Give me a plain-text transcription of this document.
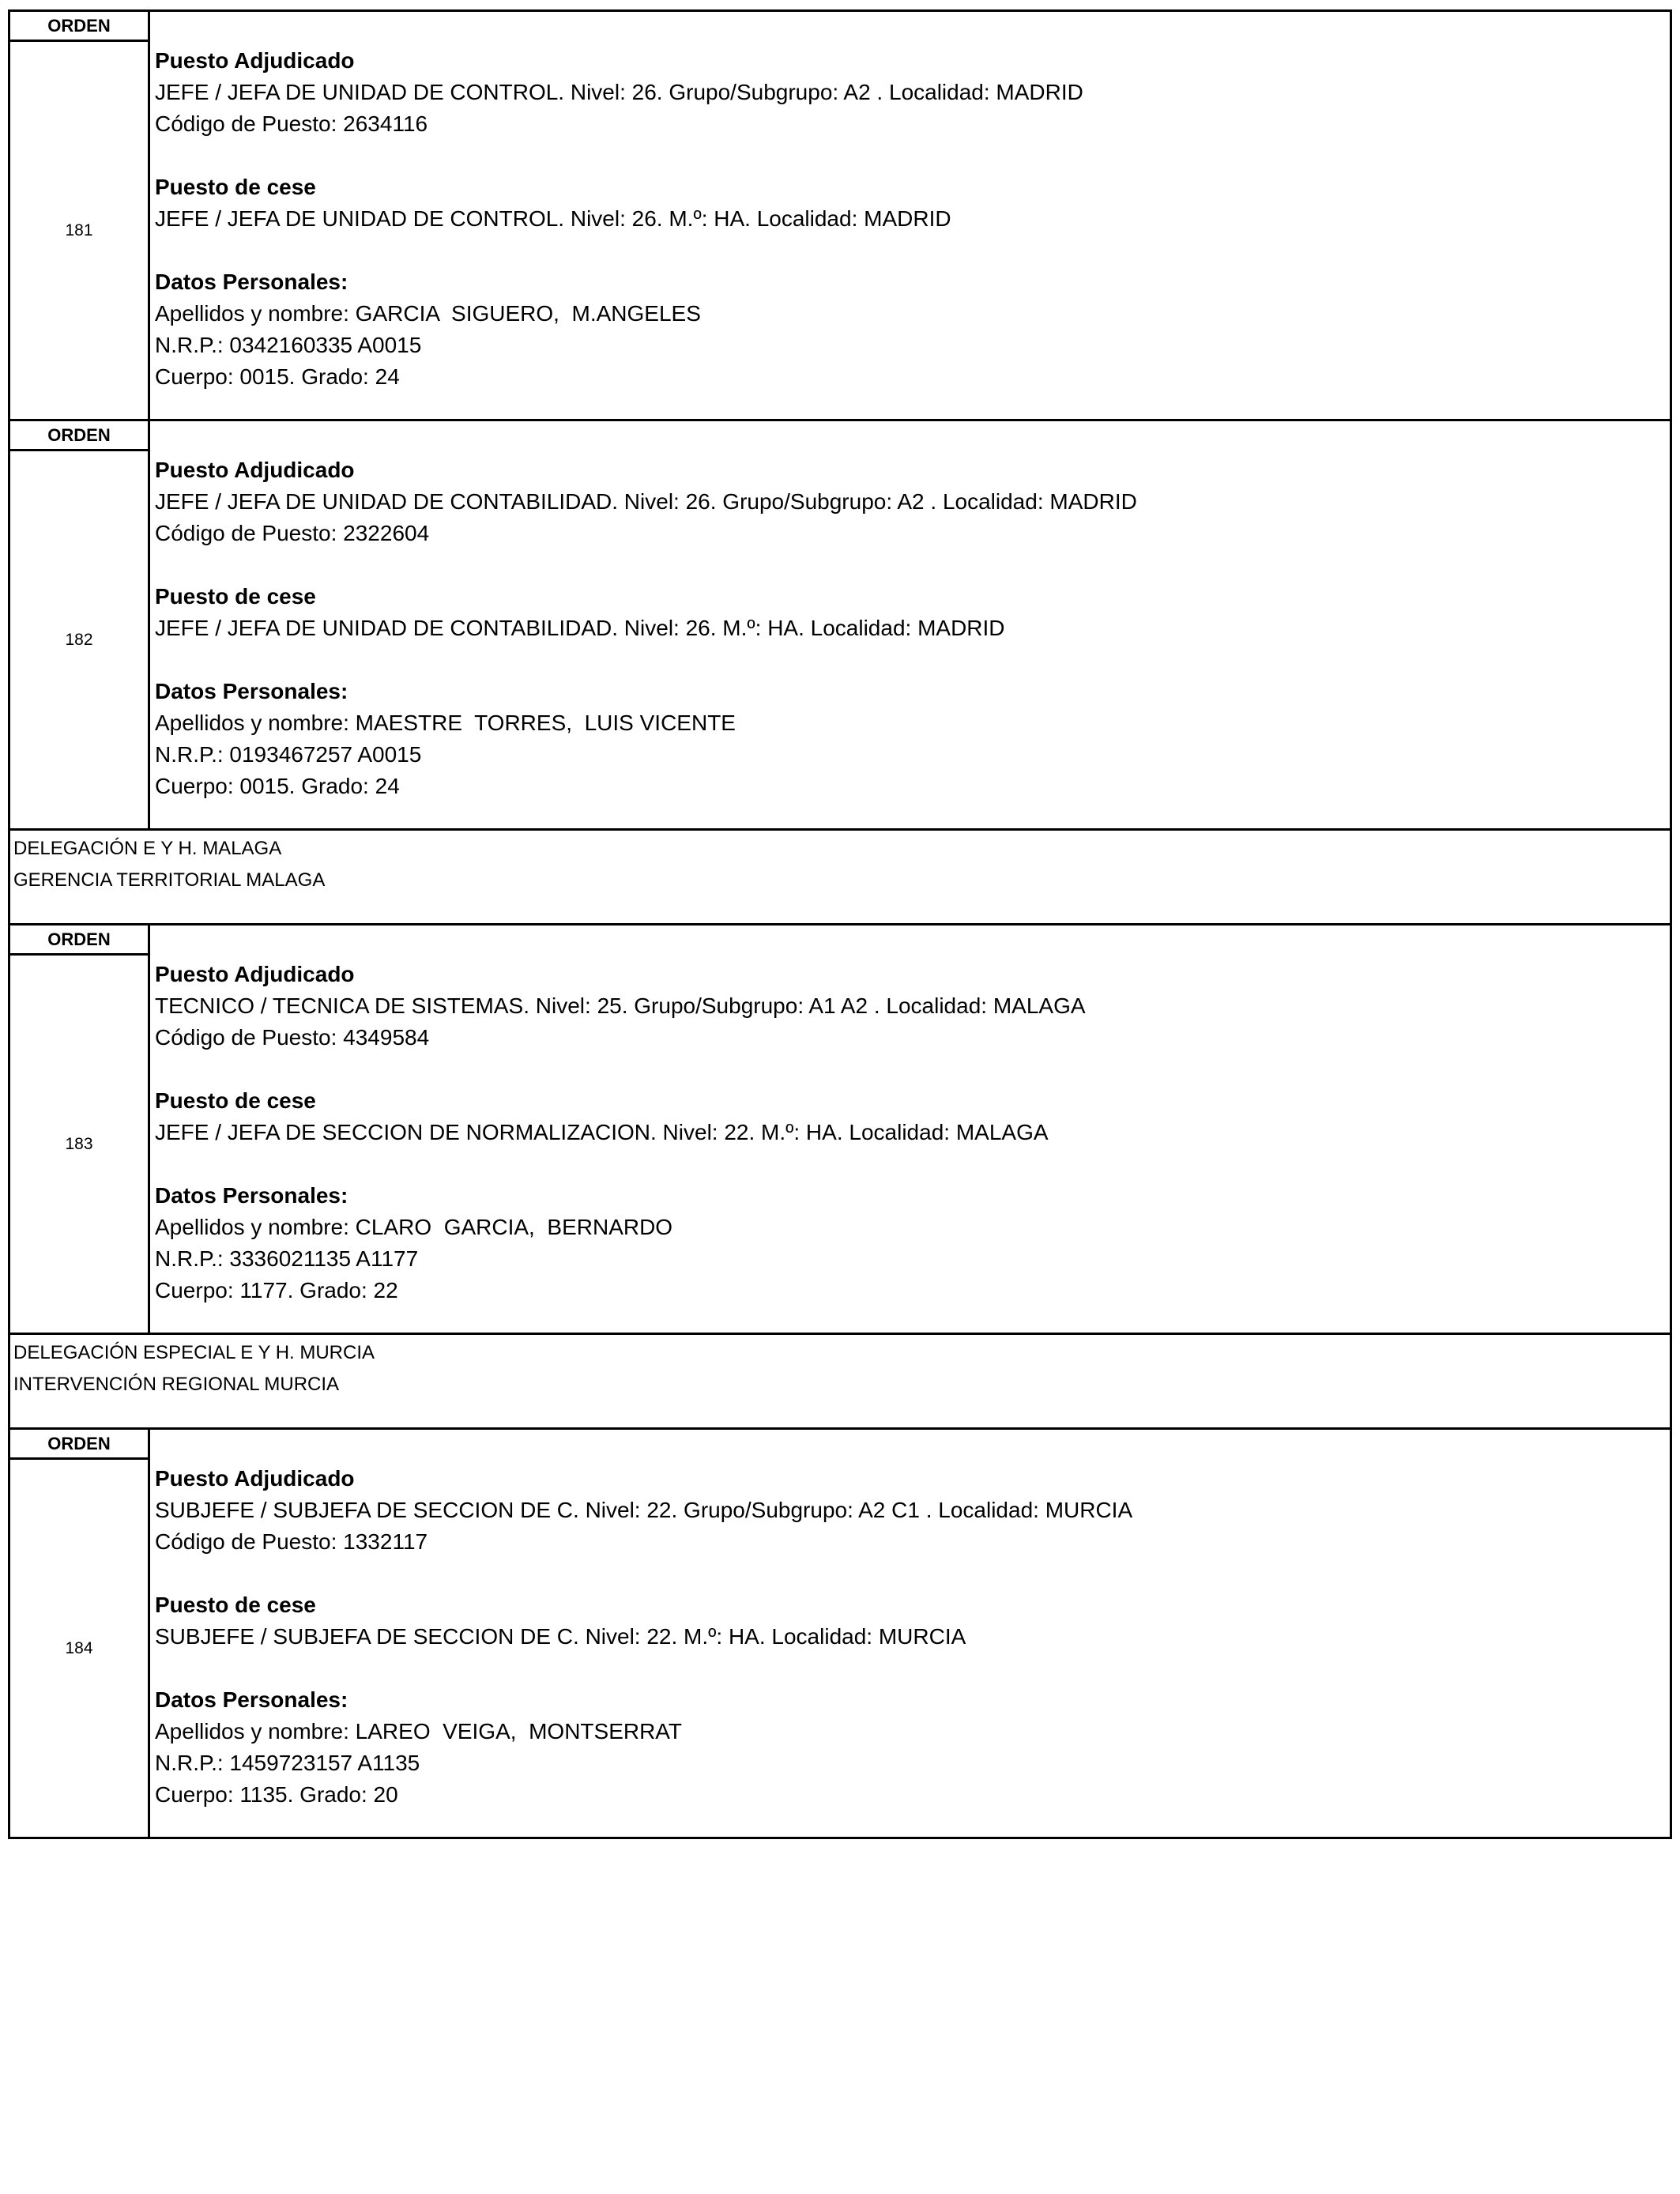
ORDEN
181
Puesto Adjudicado
JEFE / JEFA DE UNIDAD DE CONTROL. Nivel: 26. Grupo/Subgrupo: A2 . Localidad: MADRID
Código de Puesto: 2634116
Puesto de cese
JEFE / JEFA DE UNIDAD DE CONTROL. Nivel: 26. M.º: HA. Localidad: MADRID
Datos Personales:
Apellidos y nombre: GARCIA  SIGUERO,  M.ANGELES
N.R.P.: 0342160335 A0015
Cuerpo: 0015. Grado: 24
ORDEN
182
Puesto Adjudicado
JEFE / JEFA DE UNIDAD DE CONTABILIDAD. Nivel: 26. Grupo/Subgrupo: A2 . Localidad: MADRID
Código de Puesto: 2322604
Puesto de cese
JEFE / JEFA DE UNIDAD DE CONTABILIDAD. Nivel: 26. M.º: HA. Localidad: MADRID
Datos Personales:
Apellidos y nombre: MAESTRE  TORRES,  LUIS VICENTE
N.R.P.: 0193467257 A0015
Cuerpo: 0015. Grado: 24
DELEGACIÓN E Y H. MALAGA
GERENCIA TERRITORIAL MALAGA
ORDEN
183
Puesto Adjudicado
TECNICO / TECNICA DE SISTEMAS. Nivel: 25. Grupo/Subgrupo: A1 A2 . Localidad: MALAGA
Código de Puesto: 4349584
Puesto de cese
JEFE / JEFA DE SECCION DE NORMALIZACION. Nivel: 22. M.º: HA. Localidad: MALAGA
Datos Personales:
Apellidos y nombre: CLARO  GARCIA,  BERNARDO
N.R.P.: 3336021135 A1177
Cuerpo: 1177. Grado: 22
DELEGACIÓN ESPECIAL E Y H. MURCIA
INTERVENCIÓN REGIONAL MURCIA
ORDEN
184
Puesto Adjudicado
SUBJEFE / SUBJEFA DE SECCION DE C. Nivel: 22. Grupo/Subgrupo: A2 C1 . Localidad: MURCIA
Código de Puesto: 1332117
Puesto de cese
SUBJEFE / SUBJEFA DE SECCION DE C. Nivel: 22. M.º: HA. Localidad: MURCIA
Datos Personales:
Apellidos y nombre: LAREO  VEIGA,  MONTSERRAT
N.R.P.: 1459723157 A1135
Cuerpo: 1135. Grado: 20
